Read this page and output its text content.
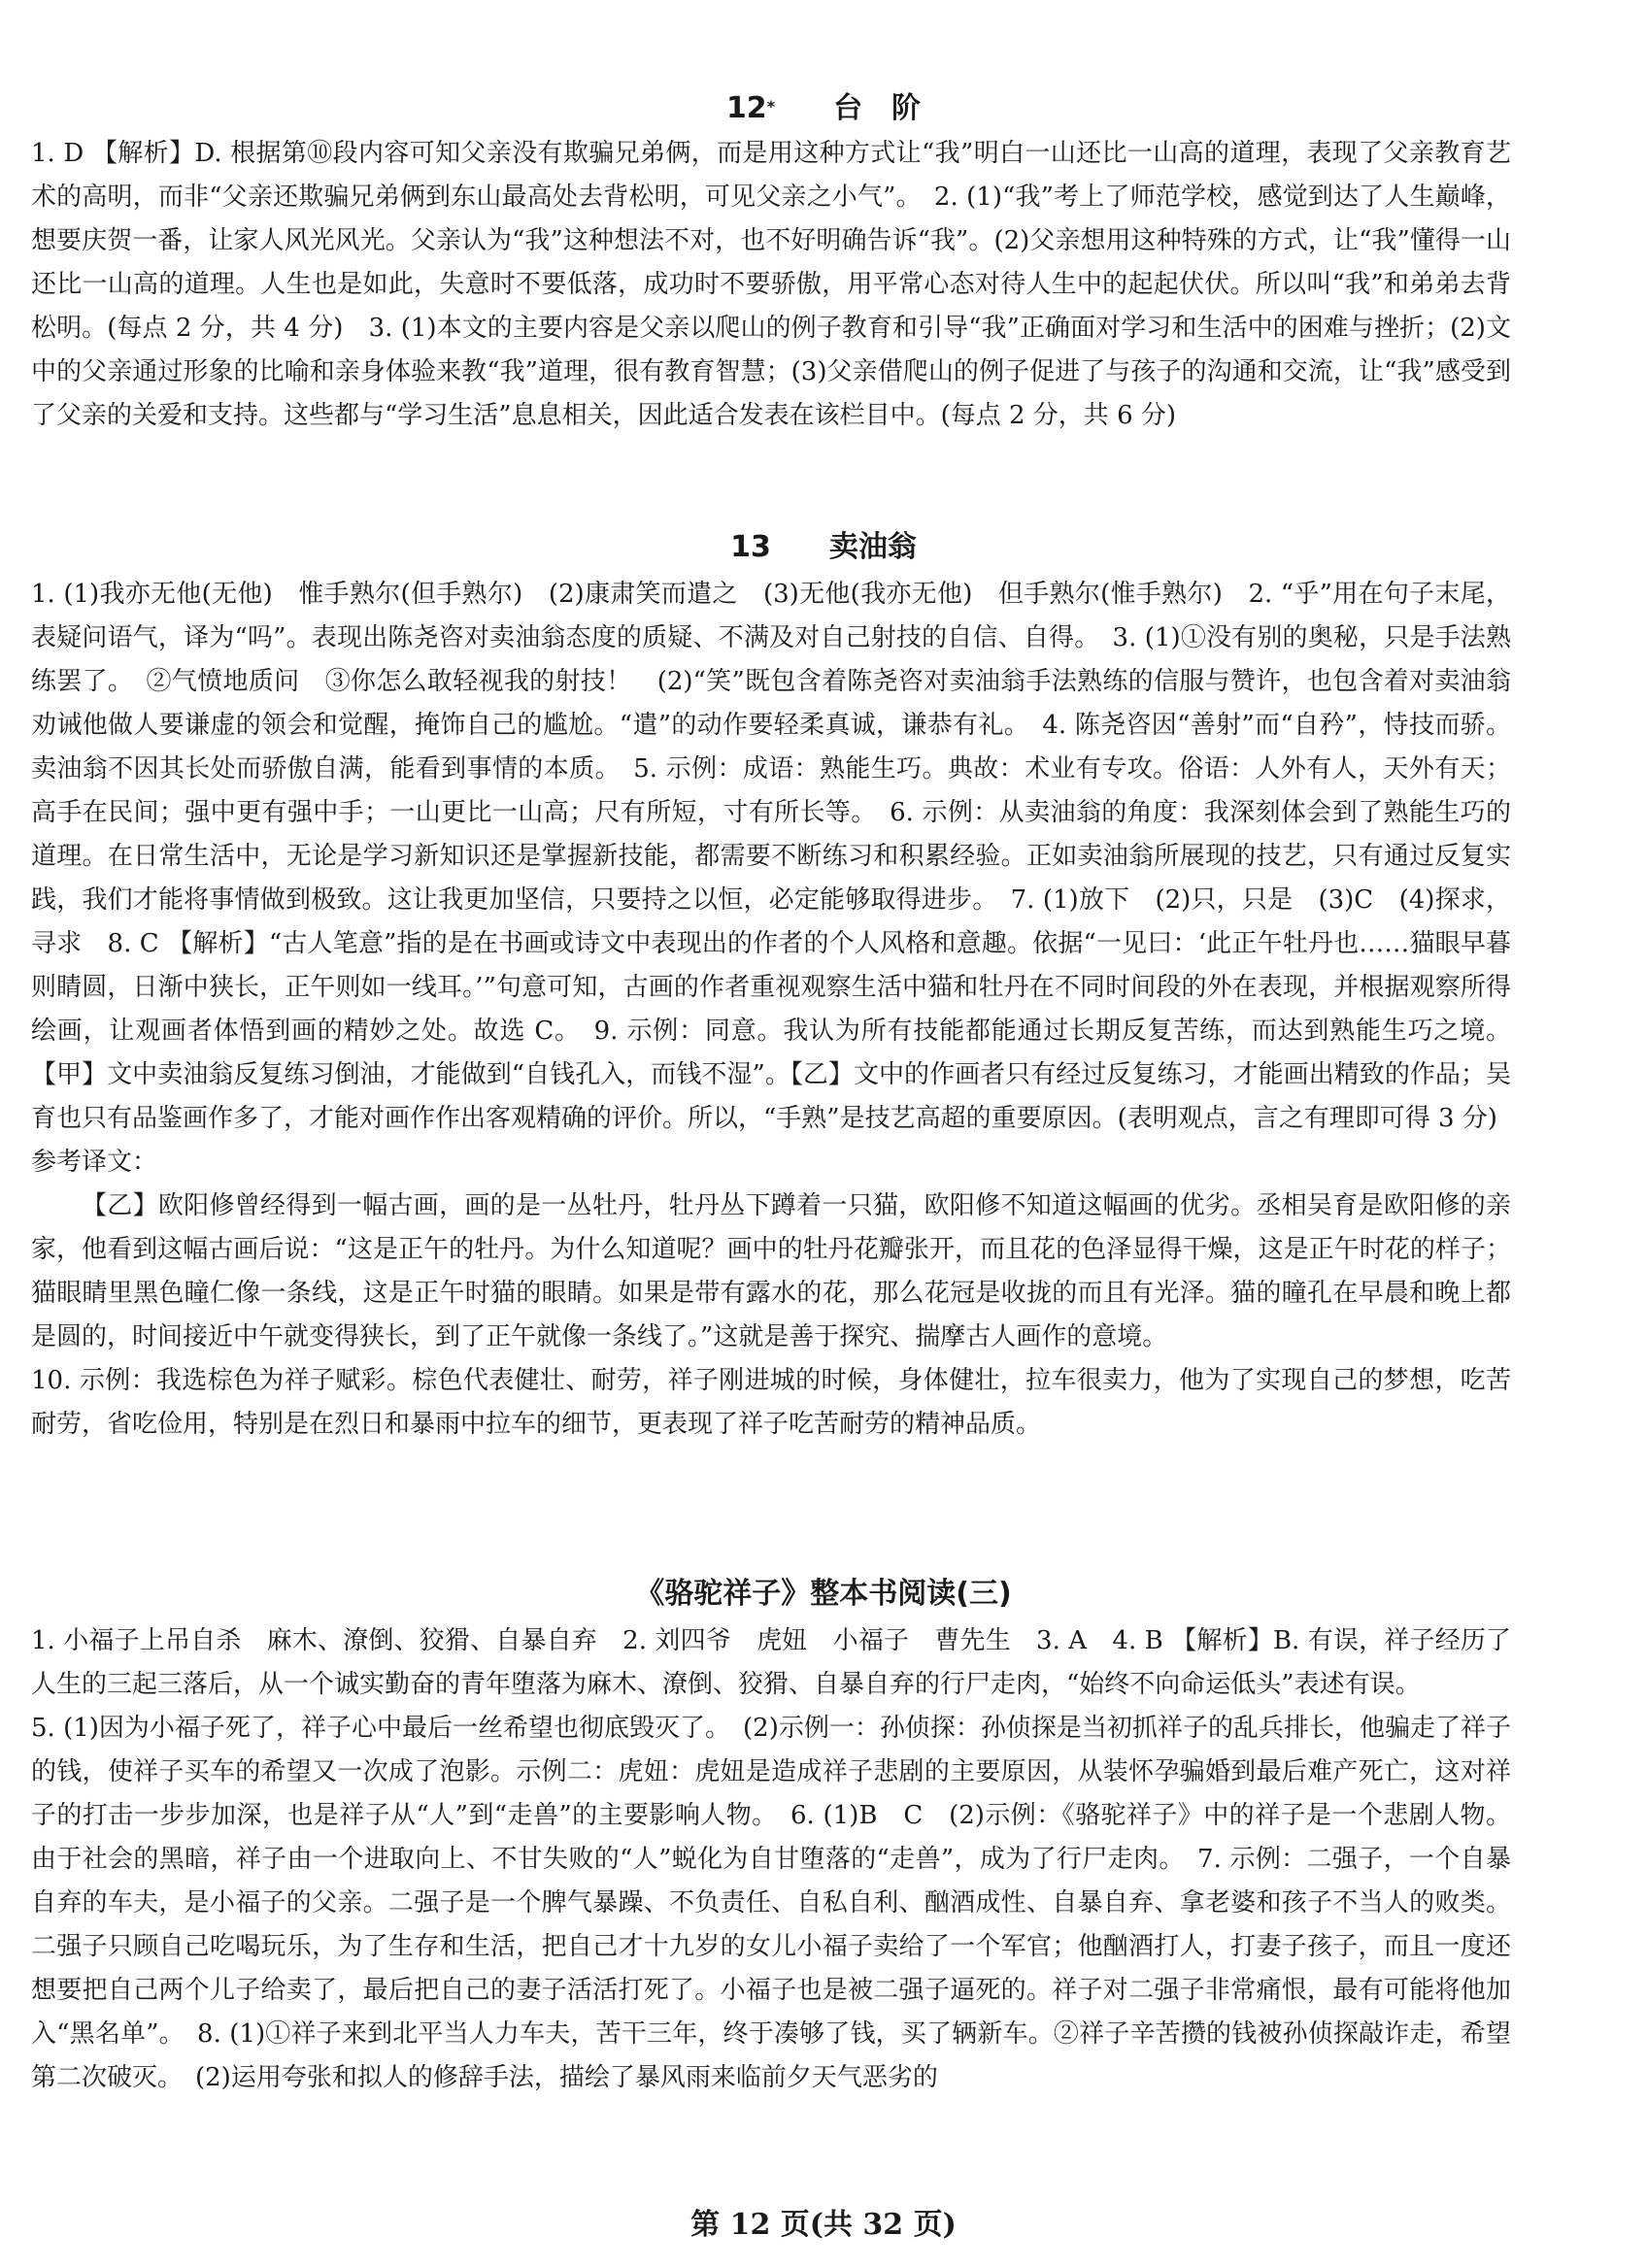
12*　　 台　阶

1. D 【解析】D. 根据第⑩段内容可知父亲没有欺骗兄弟俩，而是用这种方式让“我”明白一山还比一山高的道理，表现了父亲教育艺术的高明，而非“父亲还欺骗兄弟俩到东山最高处去背松明，可见父亲之小气”。　2. (1)“我”考上了师范学校，感觉到达了人生巅峰，想要庆贺一番，让家人风光风光。父亲认为“我”这种想法不对，也不好明确告诉“我”。(2)父亲想用这种特殊的方式，让“我”懂得一山还比一山高的道理。人生也是如此，失意时不要低落，成功时不要骄傲，用平常心态对待人生中的起起伏伏。所以叫“我”和弟弟去背松明。(每点 2 分，共 4 分)　3. (1)本文的主要内容是父亲以爬山的例子教育和引导“我”正确面对学习和生活中的困难与挫折；(2)文中的父亲通过形象的比喻和亲身体验来教“我”道理，很有教育智慧；(3)父亲借爬山的例子促进了与孩子的沟通和交流，让“我”感受到了父亲的关爱和支持。这些都与“学习生活”息息相关，因此适合发表在该栏目中。(每点 2 分，共 6 分)

13　　 卖油翁

1. (1)我亦无他(无他)　惟手熟尔(但手熟尔)　(2)康肃笑而遣之　(3)无他(我亦无他)　但手熟尔(惟手熟尔)　2. “乎”用在句子末尾，表疑问语气，译为“吗”。表现出陈尧咨对卖油翁态度的质疑、不满及对自己射技的自信、自得。　3. (1)①没有别的奥秘，只是手法熟练罢了。　②气愤地质问　③你怎么敢轻视我的射技！　(2)“笑”既包含着陈尧咨对卖油翁手法熟练的信服与赞许，也包含着对卖油翁劝诫他做人要谦虚的领会和觉醒，掩饰自己的尴尬。“遣”的动作要轻柔真诚，谦恭有礼。　4. 陈尧咨因“善射”而“自矜”，恃技而骄。卖油翁不因其长处而骄傲自满，能看到事情的本质。　5. 示例：成语：熟能生巧。典故：术业有专攻。俗语：人外有人，天外有天；高手在民间；强中更有强中手；一山更比一山高；尺有所短，寸有所长等。　6. 示例：从卖油翁的角度：我深刻体会到了熟能生巧的道理。在日常生活中，无论是学习新知识还是掌握新技能，都需要不断练习和积累经验。正如卖油翁所展现的技艺，只有通过反复实践，我们才能将事情做到极致。这让我更加坚信，只要持之以恒，必定能够取得进步。　7. (1)放下　(2)只，只是　(3)C　(4)探求，寻求　8. C 【解析】“古人笔意”指的是在书画或诗文中表现出的作者的个人风格和意趣。依据“一见曰：‘此正午牡丹也……猫眼早暮则睛圆，日渐中狭长，正午则如一线耳。’”句意可知，古画的作者重视观察生活中猫和牡丹在不同时间段的外在表现，并根据观察所得绘画，让观画者体悟到画的精妙之处。故选 C。　9. 示例：同意。我认为所有技能都能通过长期反复苦练，而达到熟能生巧之境。【甲】文中卖油翁反复练习倒油，才能做到“自钱孔入，而钱不湿”。【乙】文中的作画者只有经过反复练习，才能画出精致的作品；吴育也只有品鉴画作多了，才能对画作作出客观精确的评价。所以，“手熟”是技艺高超的重要原因。(表明观点，言之有理即可得 3 分)

参考译文：

【乙】欧阳修曾经得到一幅古画，画的是一丛牡丹，牡丹丛下蹲着一只猫，欧阳修不知道这幅画的优劣。丞相吴育是欧阳修的亲家，他看到这幅古画后说：“这是正午的牡丹。为什么知道呢？画中的牡丹花瓣张开，而且花的色泽显得干燥，这是正午时花的样子；猫眼睛里黑色瞳仁像一条线，这是正午时猫的眼睛。如果是带有露水的花，那么花冠是收拢的而且有光泽。猫的瞳孔在早晨和晚上都是圆的，时间接近中午就变得狭长，到了正午就像一条线了。”这就是善于探究、揣摩古人画作的意境。

10. 示例：我选棕色为祥子赋彩。棕色代表健壮、耐劳，祥子刚进城的时候，身体健壮，拉车很卖力，他为了实现自己的梦想，吃苦耐劳，省吃俭用，特别是在烈日和暴雨中拉车的细节，更表现了祥子吃苦耐劳的精神品质。

《骆驼祥子》整本书阅读(三)

1. 小福子上吊自杀　麻木、潦倒、狡猾、自暴自弃　2. 刘四爷　虎妞　小福子　曹先生　3. A　4. B 【解析】B. 有误，祥子经历了人生的三起三落后，从一个诚实勤奋的青年堕落为麻木、潦倒、狡猾、自暴自弃的行尸走肉，“始终不向命运低头”表述有误。

5. (1)因为小福子死了，祥子心中最后一丝希望也彻底毁灭了。　(2)示例一：孙侦探：孙侦探是当初抓祥子的乱兵排长，他骗走了祥子的钱，使祥子买车的希望又一次成了泡影。示例二：虎妞：虎妞是造成祥子悲剧的主要原因，从装怀孕骗婚到最后难产死亡，这对祥子的打击一步步加深，也是祥子从“人”到“走兽”的主要影响人物。　6. (1)B　C　(2)示例：《骆驼祥子》中的祥子是一个悲剧人物。由于社会的黑暗，祥子由一个进取向上、不甘失败的“人”蜕化为自甘堕落的“走兽”，成为了行尸走肉。　7. 示例：二强子，一个自暴自弃的车夫，是小福子的父亲。二强子是一个脾气暴躁、不负责任、自私自利、酗酒成性、自暴自弃、拿老婆和孩子不当人的败类。二强子只顾自己吃喝玩乐，为了生存和生活，把自己才十九岁的女儿小福子卖给了一个军官；他酗酒打人，打妻子孩子，而且一度还想要把自己两个儿子给卖了，最后把自己的妻子活活打死了。小福子也是被二强子逼死的。祥子对二强子非常痛恨，最有可能将他加入“黑名单”。　8. (1)①祥子来到北平当人力车夫，苦干三年，终于凑够了钱，买了辆新车。②祥子辛苦攒的钱被孙侦探敲诈走，希望第二次破灭。　(2)运用夸张和拟人的修辞手法，描绘了暴风雨来临前夕天气恶劣的

第 12 页(共 32 页)
